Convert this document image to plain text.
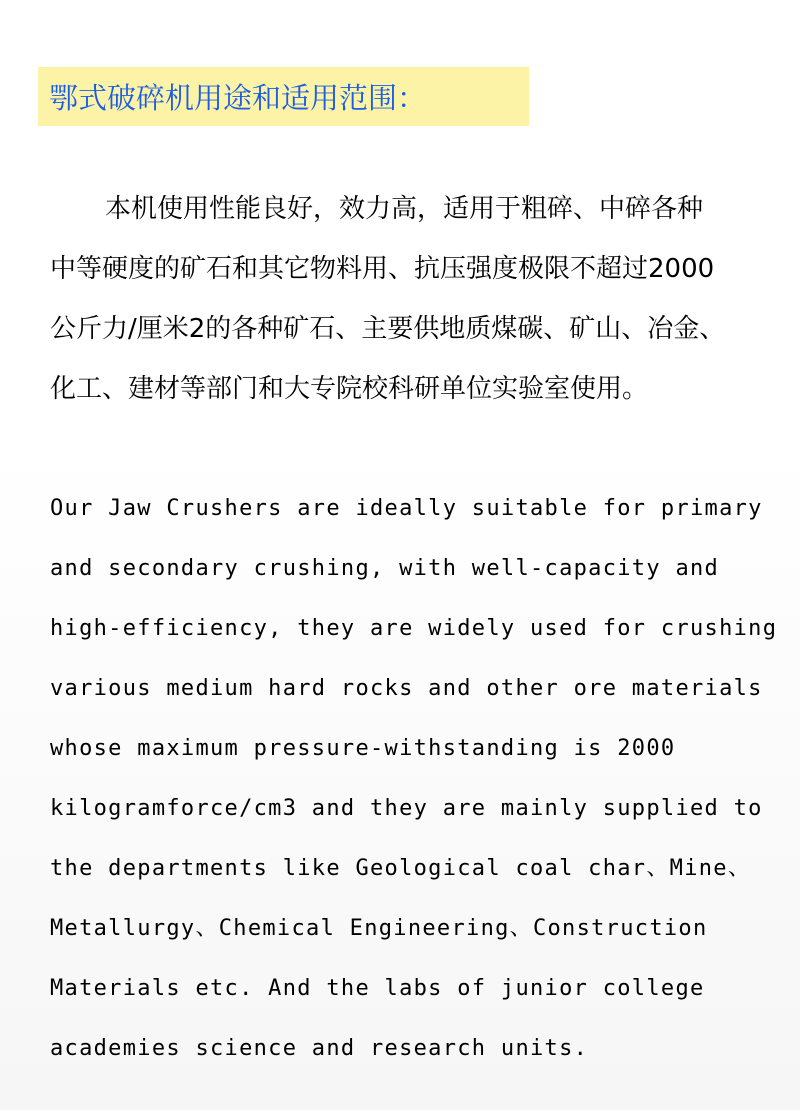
鄂式破碎机用途和适用范围：
本机使用性能良好，效力高，适用于粗碎、中碎各种
中等硬度的矿石和其它物料用、抗压强度极限不超过2000
公斤力/厘米2的各种矿石、主要供地质煤碳、矿山、冶金、
化工、建材等部门和大专院校科研单位实验室使用。
Our Jaw Crushers are ideally suitable for primary
and secondary crushing, with well-capacity and
high-efficiency, they are widely used for crushing
various medium hard rocks and other ore materials
whose maximum pressure-withstanding is 2000
kilogramforce/cm3 and they are mainly supplied to
the departments like Geological coal char、Mine、
Metallurgy、Chemical Engineering、Construction
Materials etc. And the labs of junior college
academies science and research units.
